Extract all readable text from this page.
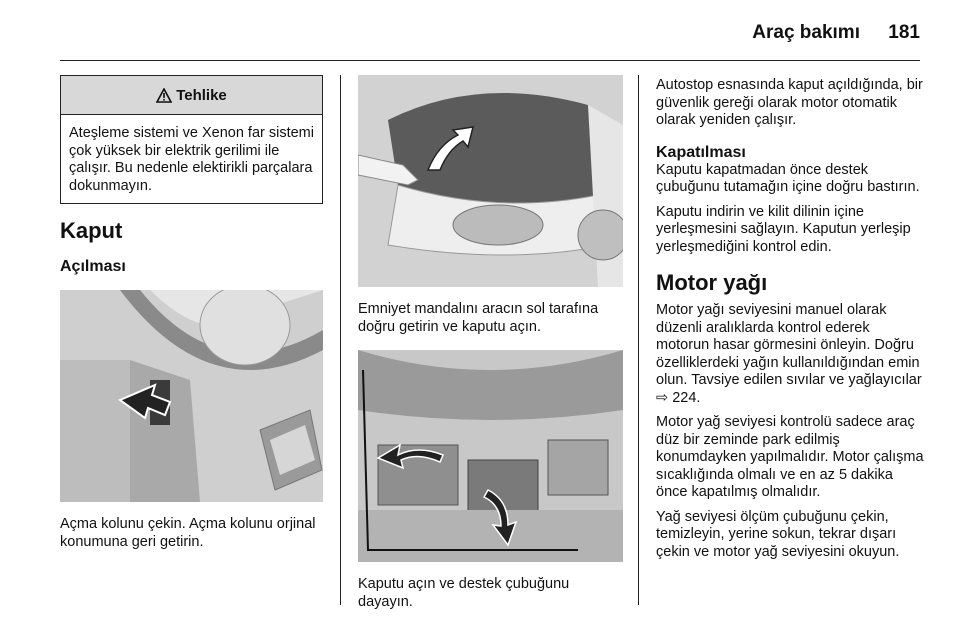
Araç bakımı 181
Tehlike
Ateşleme sistemi ve Xenon far sistemi çok yüksek bir elektrik gerilimi ile çalışır. Bu nedenle elektirikli parçalara dokunmayın.
Kaput
Açılması

Açma kolunu çekin. Açma kolunu orjinal konumuna geri getirin.

Emniyet mandalını aracın sol tarafına doğru getirin ve kaputu açın.

Kaputu açın ve destek çubuğunu dayayın.

Autostop esnasında kaput açıldığında, bir güvenlik gereği olarak motor otomatik olarak yeniden çalışır.

Kapatılması

Kaputu kapatmadan önce destek çubuğunu tutamağın içine doğru bastırın.

Kaputu indirin ve kilit dilinin içine yerleşmesini sağlayın. Kaputun yerleşip yerleşmediğini kontrol edin.

Motor yağı

Motor yağı seviyesini manuel olarak düzenli aralıklarda kontrol ederek motorun hasar görmesini önleyin. Doğru özelliklerdeki yağın kullanıldığından emin olun. Tavsiye edilen sıvılar ve yağlayıcılar ⇨ 224.

Motor yağ seviyesi kontrolü sadece araç düz bir zeminde park edilmiş konumdayken yapılmalıdır. Motor çalışma sıcaklığında olmalı ve en az 5 dakika önce kapatılmış olmalıdır.

Yağ seviyesi ölçüm çubuğunu çekin, temizleyin, yerine sokun, tekrar dışarı çekin ve motor yağ seviyesini okuyun.
